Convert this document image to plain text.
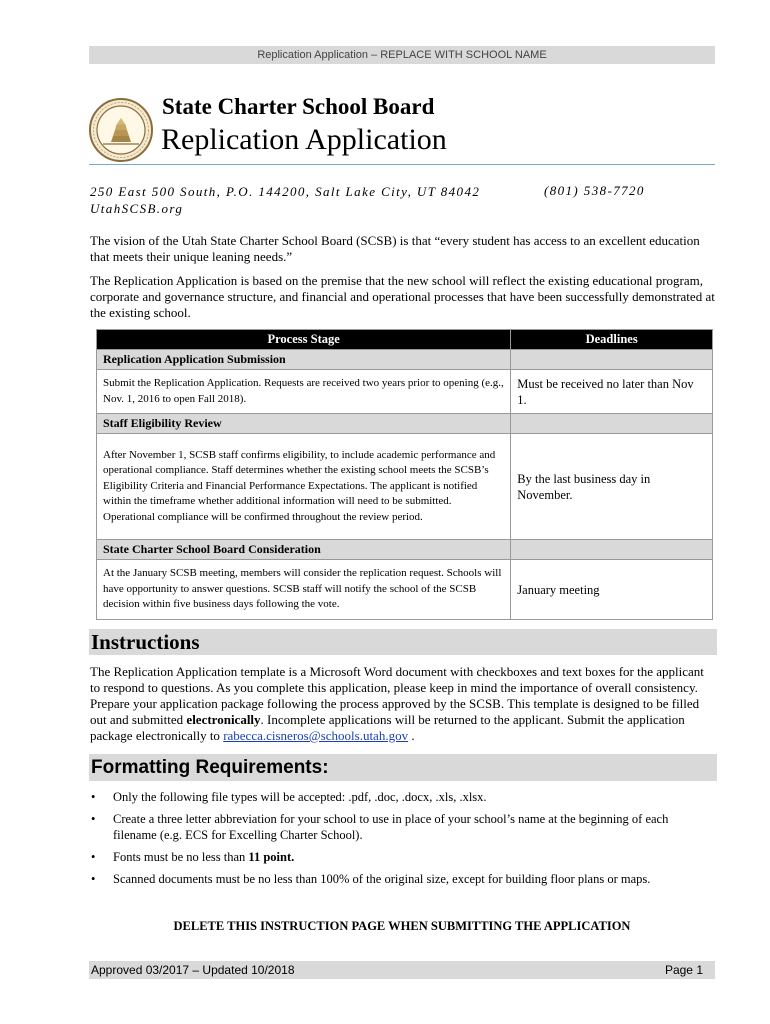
Replication Application – REPLACE WITH SCHOOL NAME
State Charter School Board
Replication Application
250 East 500 South, P.O. 144200, Salt Lake City, UT 84042
UtahSCSB.org
(801) 538-7720
The vision of the Utah State Charter School Board (SCSB) is that “every student has access to an excellent education that meets their unique leaning needs.”
The Replication Application is based on the premise that the new school will reflect the existing educational program, corporate and governance structure, and financial and operational processes that have been successfully demonstrated at the existing school.
Process Stage	Deadlines
Replication Application Submission	
Submit the Replication Application. Requests are received two years prior to opening (e.g., Nov. 1, 2016 to open Fall 2018).	Must be received no later than Nov 1.
Staff Eligibility Review	
After November 1, SCSB staff confirms eligibility, to include academic performance and operational compliance. Staff determines whether the existing school meets the SCSB’s Eligibility Criteria and Financial Performance Expectations. The applicant is notified within the timeframe whether additional information will need to be submitted. Operational compliance will be confirmed throughout the review period.	By the last business day in November.
State Charter School Board Consideration	
At the January SCSB meeting, members will consider the replication request. Schools will have opportunity to answer questions. SCSB staff will notify the school of the SCSB decision within five business days following the vote.	January meeting
Instructions
The Replication Application template is a Microsoft Word document with checkboxes and text boxes for the applicant to respond to questions. As you complete this application, please keep in mind the importance of overall consistency. Prepare your application package following the process approved by the SCSB. This template is designed to be filled out and submitted electronically. Incomplete applications will be returned to the applicant. Submit the application package electronically to rabecca.cisneros@schools.utah.gov .
Formatting Requirements:
• Only the following file types will be accepted: .pdf, .doc, .docx, .xls, .xlsx.
• Create a three letter abbreviation for your school to use in place of your school’s name at the beginning of each filename (e.g. ECS for Excelling Charter School).
• Fonts must be no less than 11 point.
• Scanned documents must be no less than 100% of the original size, except for building floor plans or maps.
DELETE THIS INSTRUCTION PAGE WHEN SUBMITTING THE APPLICATION
Approved 03/2017 – Updated 10/2018	Page 1
